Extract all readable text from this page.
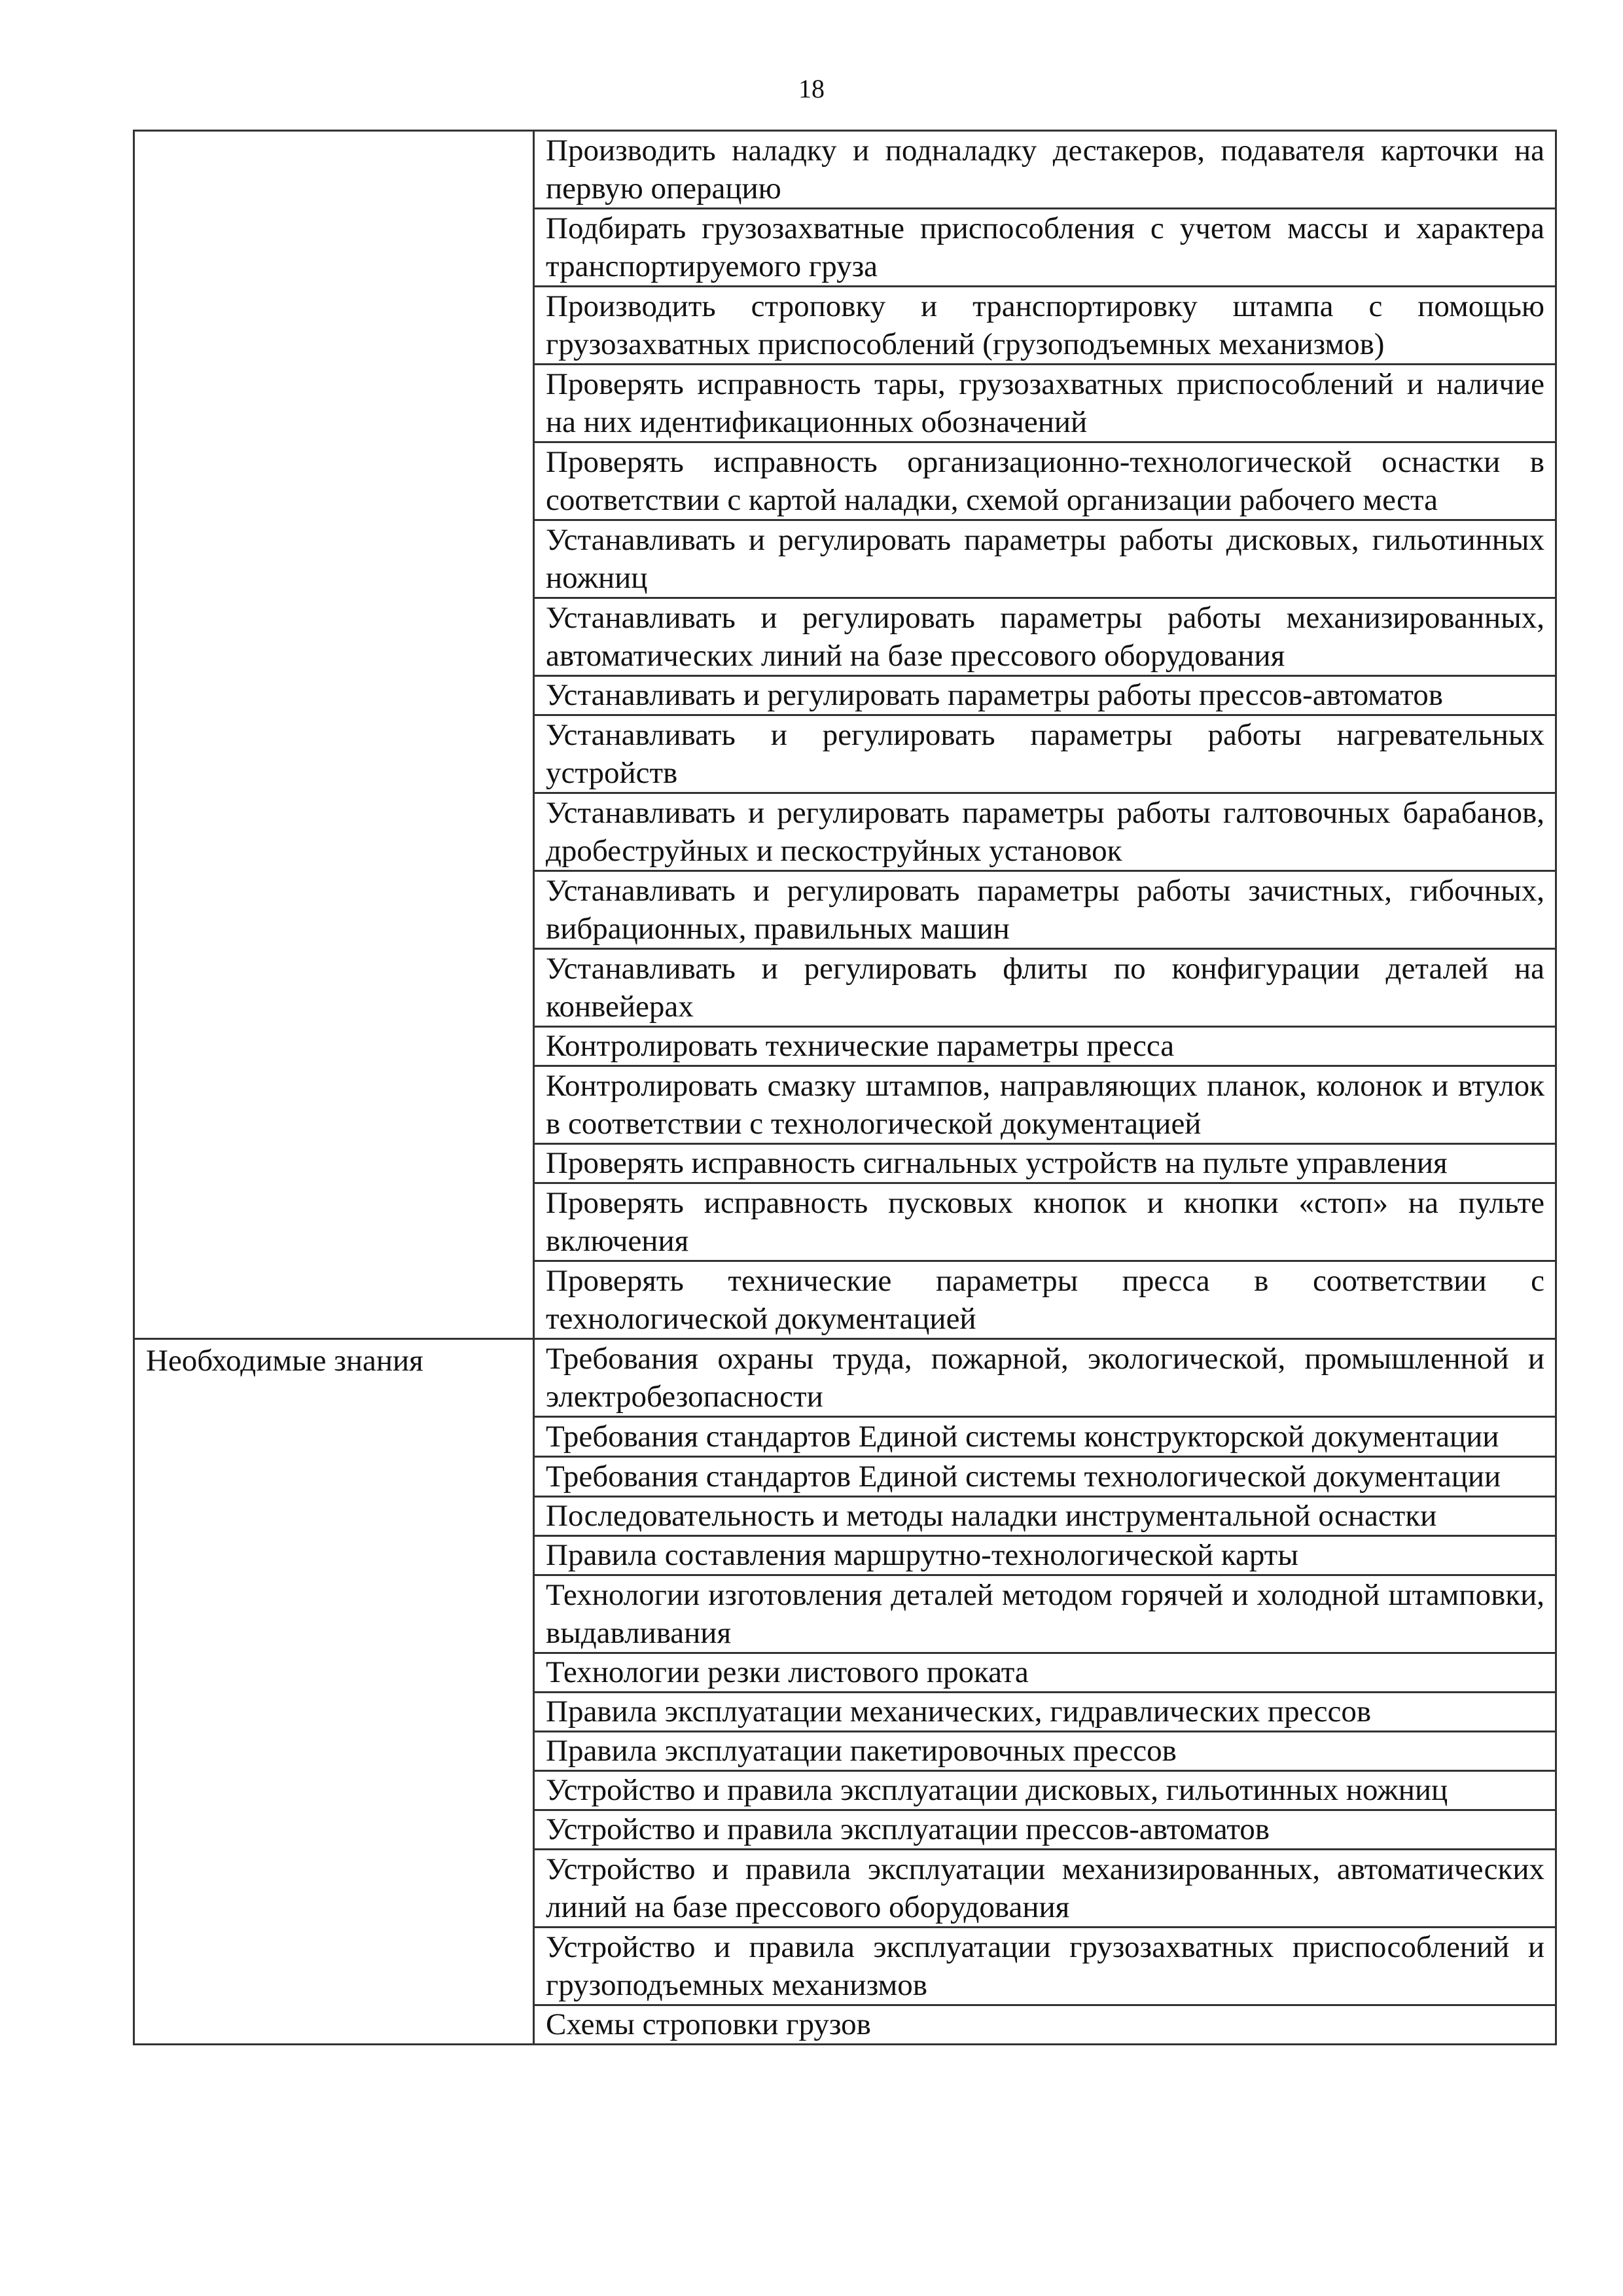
18
	Производить наладку и подналадку дестакеров, подавателя карточки на первую операцию
	Подбирать грузозахватные приспособления с учетом массы и характера транспортируемого груза
	Производить строповку и транспортировку штампа с помощью грузозахватных приспособлений (грузоподъемных механизмов)
	Проверять исправность тары, грузозахватных приспособлений и наличие на них идентификационных обозначений
	Проверять исправность организационно-технологической оснастки в соответствии с картой наладки, схемой организации рабочего места
	Устанавливать и регулировать параметры работы дисковых, гильотинных ножниц
	Устанавливать и регулировать параметры работы механизированных, автоматических линий на базе прессового оборудования
	Устанавливать и регулировать параметры работы прессов-автоматов
	Устанавливать и регулировать параметры работы нагревательных устройств
	Устанавливать и регулировать параметры работы галтовочных барабанов, дробеструйных и пескоструйных установок
	Устанавливать и регулировать параметры работы зачистных, гибочных, вибрационных, правильных машин
	Устанавливать и регулировать флиты по конфигурации деталей на конвейерах
	Контролировать технические параметры пресса
	Контролировать смазку штампов, направляющих планок, колонок и втулок в соответствии с технологической документацией
	Проверять исправность сигнальных устройств на пульте управления
	Проверять исправность пусковых кнопок и кнопки «стоп» на пульте включения
	Проверять технические параметры пресса в соответствии с технологической документацией

Необходимые знания	Требования охраны труда, пожарной, экологической, промышленной и электробезопасности
	Требования стандартов Единой системы конструкторской документации
	Требования стандартов Единой системы технологической документации
	Последовательность и методы наладки инструментальной оснастки
	Правила составления маршрутно-технологической карты
	Технологии изготовления деталей методом горячей и холодной штамповки, выдавливания
	Технологии резки листового проката
	Правила эксплуатации механических, гидравлических прессов
	Правила эксплуатации пакетировочных прессов
	Устройство и правила эксплуатации дисковых, гильотинных ножниц
	Устройство и правила эксплуатации прессов-автоматов
	Устройство и правила эксплуатации механизированных, автоматических линий на базе прессового оборудования
	Устройство и правила эксплуатации грузозахватных приспособлений и грузоподъемных механизмов
	Схемы строповки грузов
